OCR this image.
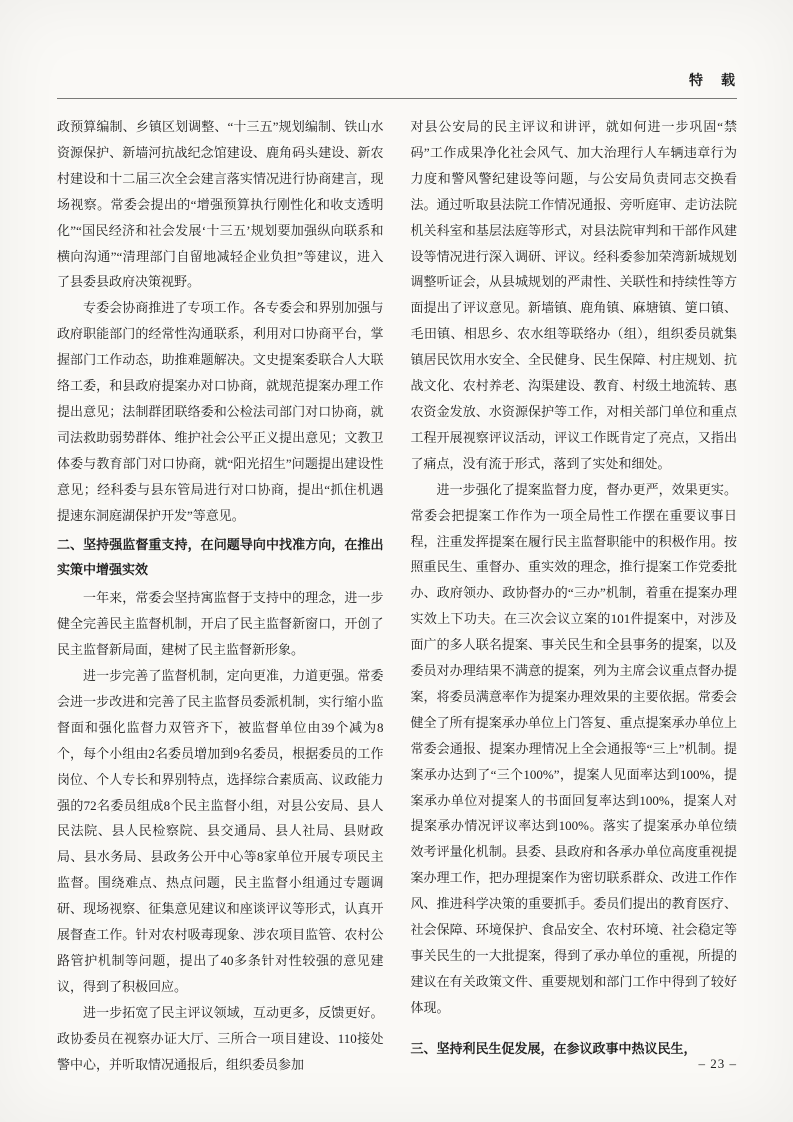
特　载

政预算编制、乡镇区划调整、“十三五”规划编制、铁山水资源保护、新墙河抗战纪念馆建设、鹿角码头建设、新农村建设和十二届三次全会建言落实情况进行协商建言，现场视察。常委会提出的“增强预算执行刚性化和收支透明化”“国民经济和社会发展‘十三五’规划要加强纵向联系和横向沟通”“清理部门自留地减轻企业负担”等建议，进入了县委县政府决策视野。

专委会协商推进了专项工作。各专委会和界别加强与政府职能部门的经常性沟通联系，利用对口协商平台，掌握部门工作动态，助推难题解决。文史提案委联合人大联络工委，和县政府提案办对口协商，就规范提案办理工作提出意见；法制群团联络委和公检法司部门对口协商，就司法救助弱势群体、维护社会公平正义提出意见；文教卫体委与教育部门对口协商，就“阳光招生”问题提出建设性意见；经科委与县东管局进行对口协商，提出“抓住机遇提速东洞庭湖保护开发”等意见。

二、坚持强监督重支持，在问题导向中找准方向，在推出实策中增强实效

一年来，常委会坚持寓监督于支持中的理念，进一步健全完善民主监督机制，开启了民主监督新窗口，开创了民主监督新局面，建树了民主监督新形象。

进一步完善了监督机制，定向更准，力道更强。常委会进一步改进和完善了民主监督员委派机制，实行缩小监督面和强化监督力双管齐下，被监督单位由39个减为8个，每个小组由2名委员增加到9名委员，根据委员的工作岗位、个人专长和界别特点，选择综合素质高、议政能力强的72名委员组成8个民主监督小组，对县公安局、县人民法院、县人民检察院、县交通局、县人社局、县财政局、县水务局、县政务公开中心等8家单位开展专项民主监督。围绕难点、热点问题，民主监督小组通过专题调研、现场视察、征集意见建议和座谈评议等形式，认真开展督查工作。针对农村吸毒现象、涉农项目监管、农村公路管护机制等问题，提出了40多条针对性较强的意见建议，得到了积极回应。

进一步拓宽了民主评议领域，互动更多，反馈更好。政协委员在视察办证大厅、三所合一项目建设、110接处警中心，并听取情况通报后，组织委员参加

对县公安局的民主评议和讲评，就如何进一步巩固“禁码”工作成果净化社会风气、加大治理行人车辆违章行为力度和警风警纪建设等问题，与公安局负责同志交换看法。通过听取县法院工作情况通报、旁听庭审、走访法院机关科室和基层法庭等形式，对县法院审判和干部作风建设等情况进行深入调研、评议。经科委参加荣湾新城规划调整听证会，从县城规划的严肃性、关联性和持续性等方面提出了评议意见。新墙镇、鹿角镇、麻塘镇、筻口镇、毛田镇、相思乡、农水组等联络办（组），组织委员就集镇居民饮用水安全、全民健身、民生保障、村庄规划、抗战文化、农村养老、沟渠建设、教育、村级土地流转、惠农资金发放、水资源保护等工作，对相关部门单位和重点工程开展视察评议活动，评议工作既肯定了亮点，又指出了痛点，没有流于形式，落到了实处和细处。

进一步强化了提案监督力度，督办更严，效果更实。常委会把提案工作作为一项全局性工作摆在重要议事日程，注重发挥提案在履行民主监督职能中的积极作用。按照重民生、重督办、重实效的理念，推行提案工作党委批办、政府领办、政协督办的“三办”机制，着重在提案办理实效上下功夫。在三次会议立案的101件提案中，对涉及面广的多人联名提案、事关民生和全县事务的提案，以及委员对办理结果不满意的提案，列为主席会议重点督办提案，将委员满意率作为提案办理效果的主要依据。常委会健全了所有提案承办单位上门答复、重点提案承办单位上常委会通报、提案办理情况上全会通报等“三上”机制。提案承办达到了“三个100%”，提案人见面率达到100%，提案承办单位对提案人的书面回复率达到100%，提案人对提案承办情况评议率达到100%。落实了提案承办单位绩效考评量化机制。县委、县政府和各承办单位高度重视提案办理工作，把办理提案作为密切联系群众、改进工作作风、推进科学决策的重要抓手。委员们提出的教育医疗、社会保障、环境保护、食品安全、农村环境、社会稳定等事关民生的一大批提案，得到了承办单位的重视，所提的建议在有关政策文件、重要规划和部门工作中得到了较好体现。

三、坚持利民生促发展，在参议政事中热议民生，

– 23 –
